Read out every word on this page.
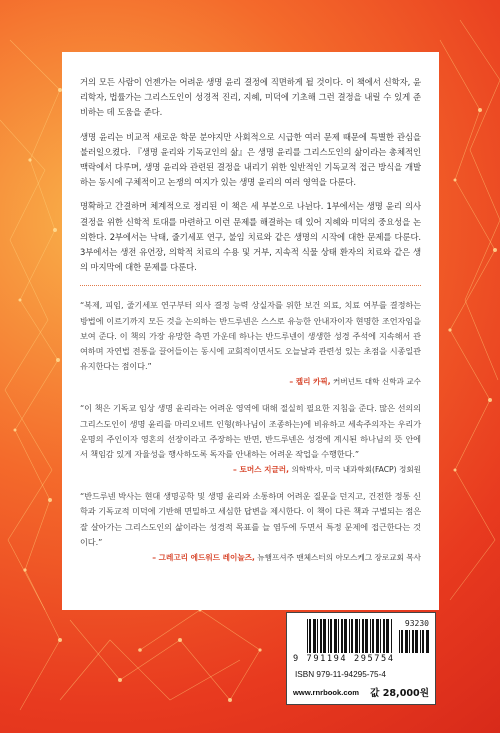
거의 모든 사람이 언젠가는 어려운 생명 윤리 결정에 직면하게 될 것이다. 이 책에서 신학자, 윤리학자, 법률가는 그리스도인이 성경적 진리, 지혜, 미덕에 기초해 그런 결정을 내릴 수 있게 준비하는 데 도움을 준다.

생명 윤리는 비교적 새로운 학문 분야지만 사회적으로 시급한 여러 문제 때문에 특별한 관심을 불러일으켰다. 『생명 윤리와 기독교인의 삶』은 생명 윤리를 그리스도인의 삶이라는 총체적인 맥락에서 다루며, 생명 윤리와 관련된 결정을 내리기 위한 일반적인 기독교적 접근 방식을 개발하는 동시에 구체적이고 논쟁의 여지가 있는 생명 윤리의 여러 영역을 다룬다.

명확하고 간결하며 체계적으로 정리된 이 책은 세 부분으로 나뉜다. 1부에서는 생명 윤리 의사 결정을 위한 신학적 토대를 마련하고 이런 문제를 해결하는 데 있어 지혜와 미덕의 중요성을 논의한다. 2부에서는 낙태, 줄기세포 연구, 불임 치료와 같은 생명의 시작에 대한 문제를 다룬다. 3부에서는 생전 유언장, 의학적 치료의 수용 및 거부, 지속적 식물 상태 환자의 치료와 같은 생의 마지막에 대한 문제를 다룬다.

“복제, 피임, 줄기세포 연구부터 의사 결정 능력 상실자를 위한 보건 의료, 치료 여부를 결정하는 방법에 이르기까지 모든 것을 논의하는 반드루넨은 스스로 유능한 안내자이자 현명한 조언자임을 보여 준다. 이 책의 가장 유망한 측면 가운데 하나는 반드루넨이 생생한 성경 주석에 지속해서 관여하며 자연법 전통을 끌어들이는 동시에 교회적이면서도 오늘날과 관련성 있는 초점을 시종일관 유지한다는 점이다.”

– 켈리 카픽, 커버넌트 대학 신학과 교수

“이 책은 기독교 임상 생명 윤리라는 어려운 영역에 대해 절실히 필요한 지침을 준다. 많은 선의의 그리스도인이 생명 윤리를 마리오네트 인형(하나님이 조종하는)에 비유하고 세속주의자는 우리가 운명의 주인이자 영혼의 선장이라고 주장하는 반면, 반드루넨은 성경에 계시된 하나님의 뜻 안에서 책임감 있게 자율성을 행사하도록 독자를 안내하는 어려운 작업을 수행한다.”

– 토머스 지글러, 의학박사, 미국 내과학회(FACP) 정회원

“반드루넨 박사는 현대 생명공학 및 생명 윤리와 소통하며 어려운 질문을 던지고, 건전한 정통 신학과 기독교적 미덕에 기반해 면밀하고 세심한 답변을 제시한다. 이 책이 다른 책과 구별되는 점은 잘 살아가는 그리스도인의 삶이라는 성경적 목표를 늘 염두에 두면서 특정 문제에 접근한다는 것이다.”

– 그레고리 에드워드 레이놀즈, 뉴햄프셔주 맨체스터의 아모스케그 장로교회 목사
93230
9 791194 295754
ISBN 979-11-94295-75-4
www.rnrbook.com 값 28,000원
